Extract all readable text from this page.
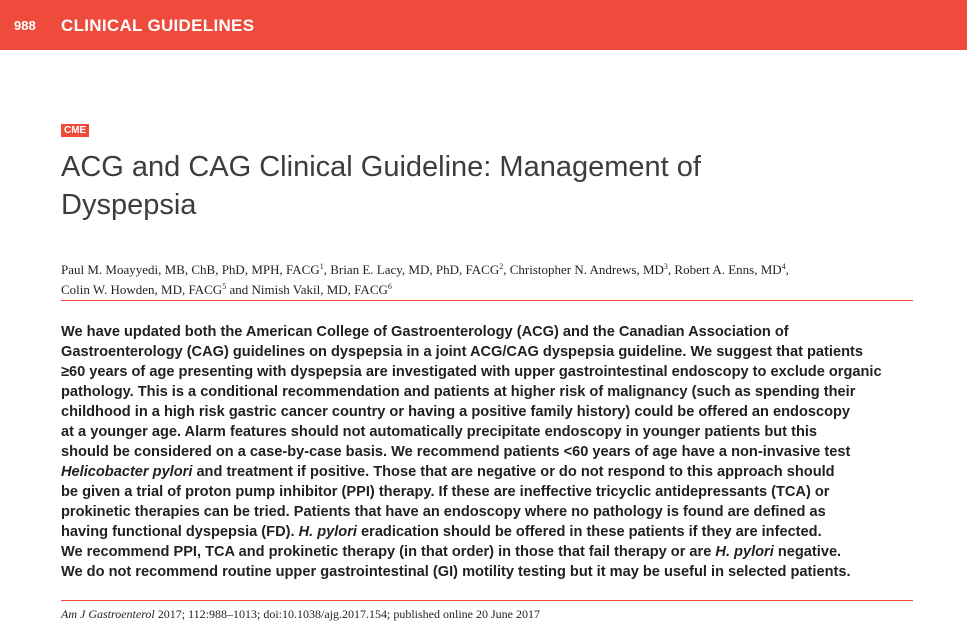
988 CLINICAL GUIDELINES
CME
ACG and CAG Clinical Guideline: Management of
Dyspepsia
Paul M. Moayyedi, MB, ChB, PhD, MPH, FACG$^1$, Brian E. Lacy, MD, PhD, FACG$^2$, Christopher N. Andrews, $MD^3$, Robert A. Enns, $MD^4$,
Colin W. Howden, MD, FACG$^5$ and Nimish Vakil, MD, FACG$^6$
We have updated both the American College of Gastroenterology (ACG) and the Canadian Association of
Gastroenterology (CAG) guidelines on dyspepsia in a joint ACG/CAG dyspepsia guideline. We suggest that patients
≥60 years of age presenting with dyspepsia are investigated with upper gastrointestinal endoscopy to exclude organic
pathology. This is a conditional recommendation and patients at higher risk of malignancy (such as spending their
childhood in a high risk gastric cancer country or having a positive family history) could be offered an endoscopy
at a younger age. Alarm features should not automatically precipitate endoscopy in younger patients but this
should be considered on a case-by-case basis. We recommend patients <60 years of age have a non-invasive test
Helicobacter pylori and treatment if positive. Those that are negative or do not respond to this approach should
be given a trial of proton pump inhibitor (PPI) therapy. If these are ineffective tricyclic antidepressants (TCA) or
prokinetic therapies can be tried. Patients that have an endoscopy where no pathology is found are defined as
having functional dyspepsia (FD). H. pylori eradication should be offered in these patients if they are infected.
We recommend PPI, TCA and prokinetic therapy (in that order) in those that fail therapy or are H. pylori negative.
We do not recommend routine upper gastrointestinal (GI) motility testing but it may be useful in selected patients.
Am J Gastroenterol 2017; 112:988–1013; doi:10.1038/ajg.2017.154; published online 20 June 2017
